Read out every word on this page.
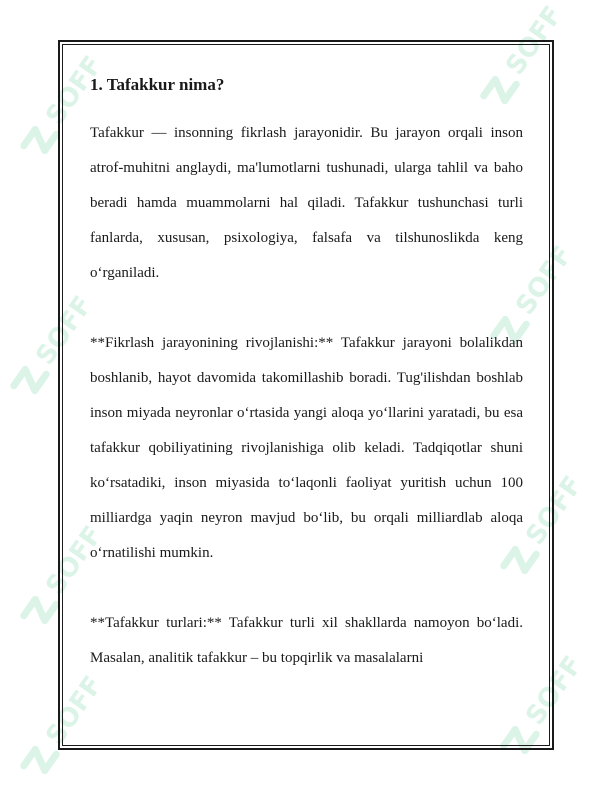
SOFF
SOFF
SOFF
SOFF
SOFF
SOFF
SOFF
SOFF
1. Tafakkur nima?

Tafakkur — insonning fikrlash jarayonidir. Bu jarayon orqali inson atrof-muhitni anglaydi, ma'lumotlarni tushunadi, ularga tahlil va baho beradi hamda muammolarni hal qiladi. Tafakkur tushunchasi turli fanlarda, xususan, psixologiya, falsafa va tilshunoslikda keng o‘rganiladi.

**Fikrlash jarayonining rivojlanishi:** Tafakkur jarayoni bolalikdan boshlanib, hayot davomida takomillashib boradi. Tug'ilishdan boshlab inson miyada neyronlar o‘rtasida yangi aloqa yo‘llarini yaratadi, bu esa tafakkur qobiliyatining rivojlanishiga olib keladi. Tadqiqotlar shuni ko‘rsatadiki, inson miyasida to‘laqonli faoliyat yuritish uchun 100 milliardga yaqin neyron mavjud bo‘lib, bu orqali milliardlab aloqa o‘rnatilishi mumkin.

**Tafakkur turlari:** Tafakkur turli xil shakllarda namoyon bo‘ladi. Masalan, analitik tafakkur – bu topqirlik va masalalarni
